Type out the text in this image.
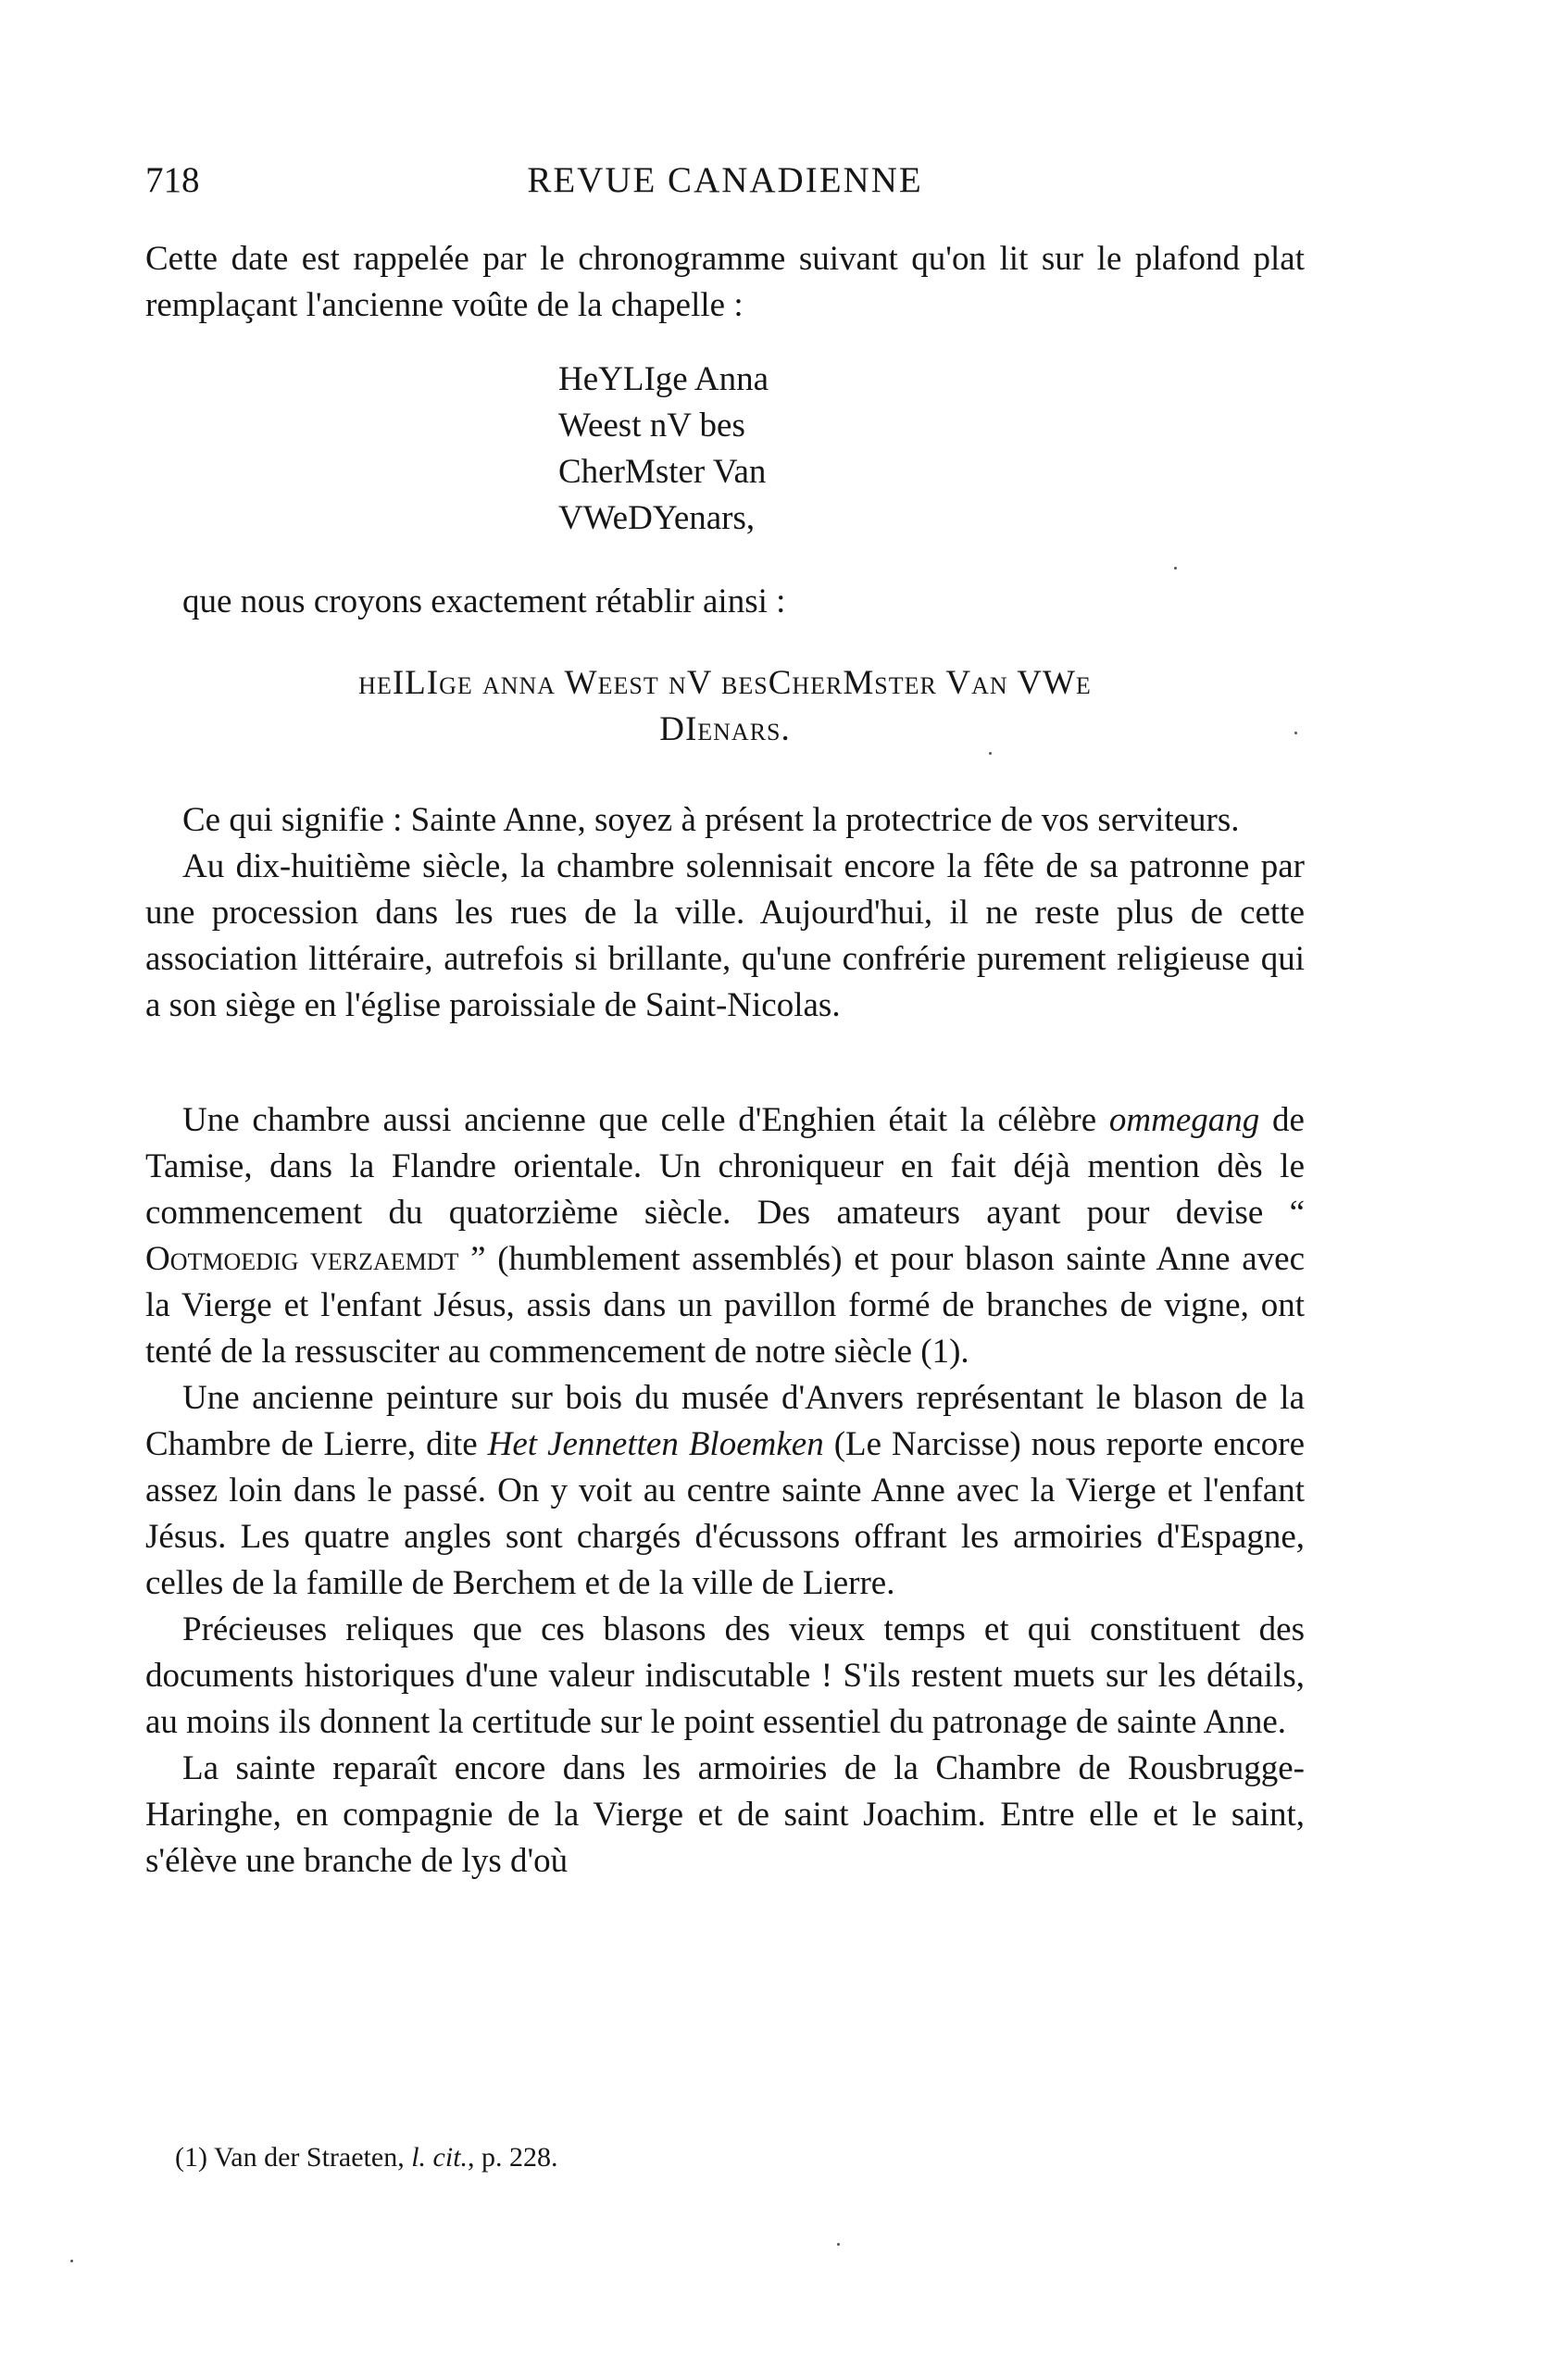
718	REVUE CANADIENNE

Cette date est rappelée par le chronogramme suivant qu'on lit sur le plafond plat remplaçant l'ancienne voûte de la chapelle :

HeYLIge Anna
Weest nV bes
CherMster Van
VWeDYenars,

que nous croyons exactement rétablir ainsi :

heILIge anna Weest nV besCherMster Van VWe
DIenars.

Ce qui signifie : Sainte Anne, soyez à présent la protectrice de vos serviteurs.

Au dix-huitième siècle, la chambre solennisait encore la fête de sa patronne par une procession dans les rues de la ville. Aujourd'hui, il ne reste plus de cette association littéraire, autrefois si brillante, qu'une confrérie purement religieuse qui a son siège en l'église paroissiale de Saint-Nicolas.

Une chambre aussi ancienne que celle d'Enghien était la célèbre ommegang de Tamise, dans la Flandre orientale. Un chroniqueur en fait déjà mention dès le commencement du quatorzième siècle. Des amateurs ayant pour devise “ Ootmoedig verzaemdt ” (humblement assemblés) et pour blason sainte Anne avec la Vierge et l'enfant Jésus, assis dans un pavillon formé de branches de vigne, ont tenté de la ressusciter au commencement de notre siècle (1).

Une ancienne peinture sur bois du musée d'Anvers représentant le blason de la Chambre de Lierre, dite Het Jennetten Bloemken (Le Narcisse) nous reporte encore assez loin dans le passé. On y voit au centre sainte Anne avec la Vierge et l'enfant Jésus. Les quatre angles sont chargés d'écussons offrant les armoiries d'Espagne, celles de la famille de Berchem et de la ville de Lierre.

Précieuses reliques que ces blasons des vieux temps et qui constituent des documents historiques d'une valeur indiscutable ! S'ils restent muets sur les détails, au moins ils donnent la certitude sur le point essentiel du patronage de sainte Anne.

La sainte reparaît encore dans les armoiries de la Chambre de Rousbrugge-Haringhe, en compagnie de la Vierge et de saint Joachim. Entre elle et le saint, s'élève une branche de lys d'où

(1) Van der Straeten, l. cit., p. 228.
